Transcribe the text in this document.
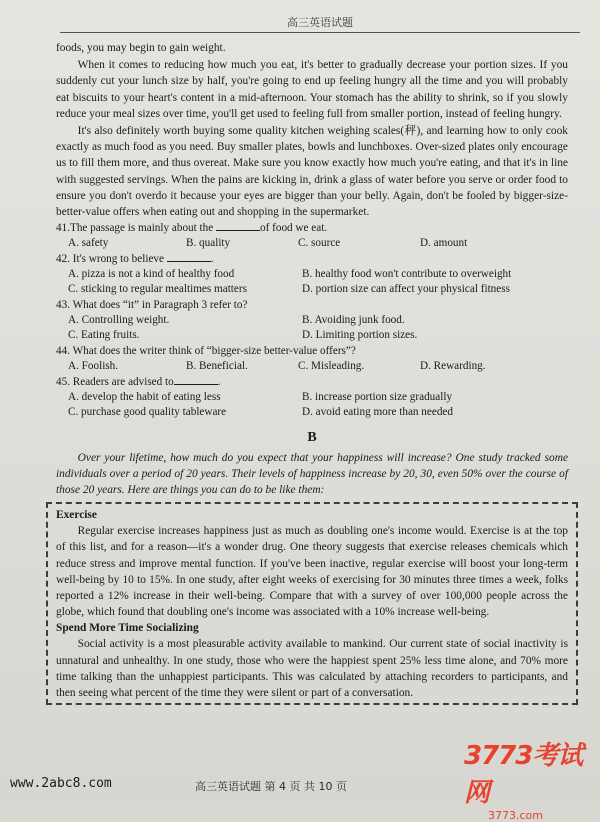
高三英语试题

foods, you may begin to gain weight.

When it comes to reducing how much you eat, it's better to gradually decrease your portion sizes. If you suddenly cut your lunch size by half, you're going to end up feeling hungry all the time and you will probably eat biscuits to your heart's content in a mid-afternoon. Your stomach has the ability to shrink, so if you slowly reduce your meal sizes over time, you'll get used to feeling full from smaller portion, instead of feeling hungry.

It's also definitely worth buying some quality kitchen weighing scales(秤), and learning how to only cook exactly as much food as you need. Buy smaller plates, bowls and lunchboxes. Over-sized plates only encourage us to fill them more, and thus overeat. Make sure you know exactly how much you're eating, and that it's in line with suggested servings. When the pains are kicking in, drink a glass of water before you serve or order food to ensure you don't overdo it because your eyes are bigger than your belly. Again, don't be fooled by bigger-size-better-value offers when eating out and shopping in the supermarket.

41.The passage is mainly about the	of food we eat.
A. safety	B. quality	C. source	D. amount
42. It's wrong to believe	.
A. pizza is not a kind of healthy food	B. healthy food won't contribute to overweight
C. sticking to regular mealtimes matters	D. portion size can affect your physical fitness
43. What does “it” in Paragraph 3 refer to?
A. Controlling weight.	B. Avoiding junk food.
C. Eating fruits.	D. Limiting portion sizes.
44. What does the writer think of “bigger-size better-value offers”?
A. Foolish.	B. Beneficial.	C. Misleading.	D. Rewarding.
45. Readers are advised to	.
A. develop the habit of eating less	B. increase portion size gradually
C. purchase good quality tableware	D. avoid eating more than needed
B

Over your lifetime, how much do you expect that your happiness will increase? One study tracked some individuals over a period of 20 years. Their levels of happiness increase by 20, 30, even 50% over the course of those 20 years. Here are things you can do to be like them:

Exercise

Regular exercise increases happiness just as much as doubling one's income would. Exercise is at the top of this list, and for a reason—it's a wonder drug. One theory suggests that exercise releases chemicals which reduce stress and improve mental function. If you've been inactive, regular exercise will boost your long-term well-being by 10 to 15%. In one study, after eight weeks of exercising for 30 minutes three times a week, folks reported a 12% increase in their well-being. Compare that with a survey of over 100,000 people across the globe, which found that doubling one's income was associated with a 10% increase well-being.

Spend More Time Socializing

Social activity is a most pleasurable activity available to mankind. Our current state of social inactivity is unnatural and unhealthy. In one study, those who were the happiest spent 25% less time alone, and 70% more time talking than the unhappiest participants. This was calculated by attaching recorders to participants, and then seeing what percent of the time they were silent or part of a conversation.

www.2abc8.com	高三英语试题 第 4 页 共 10 页
3773考试网
3773.com
